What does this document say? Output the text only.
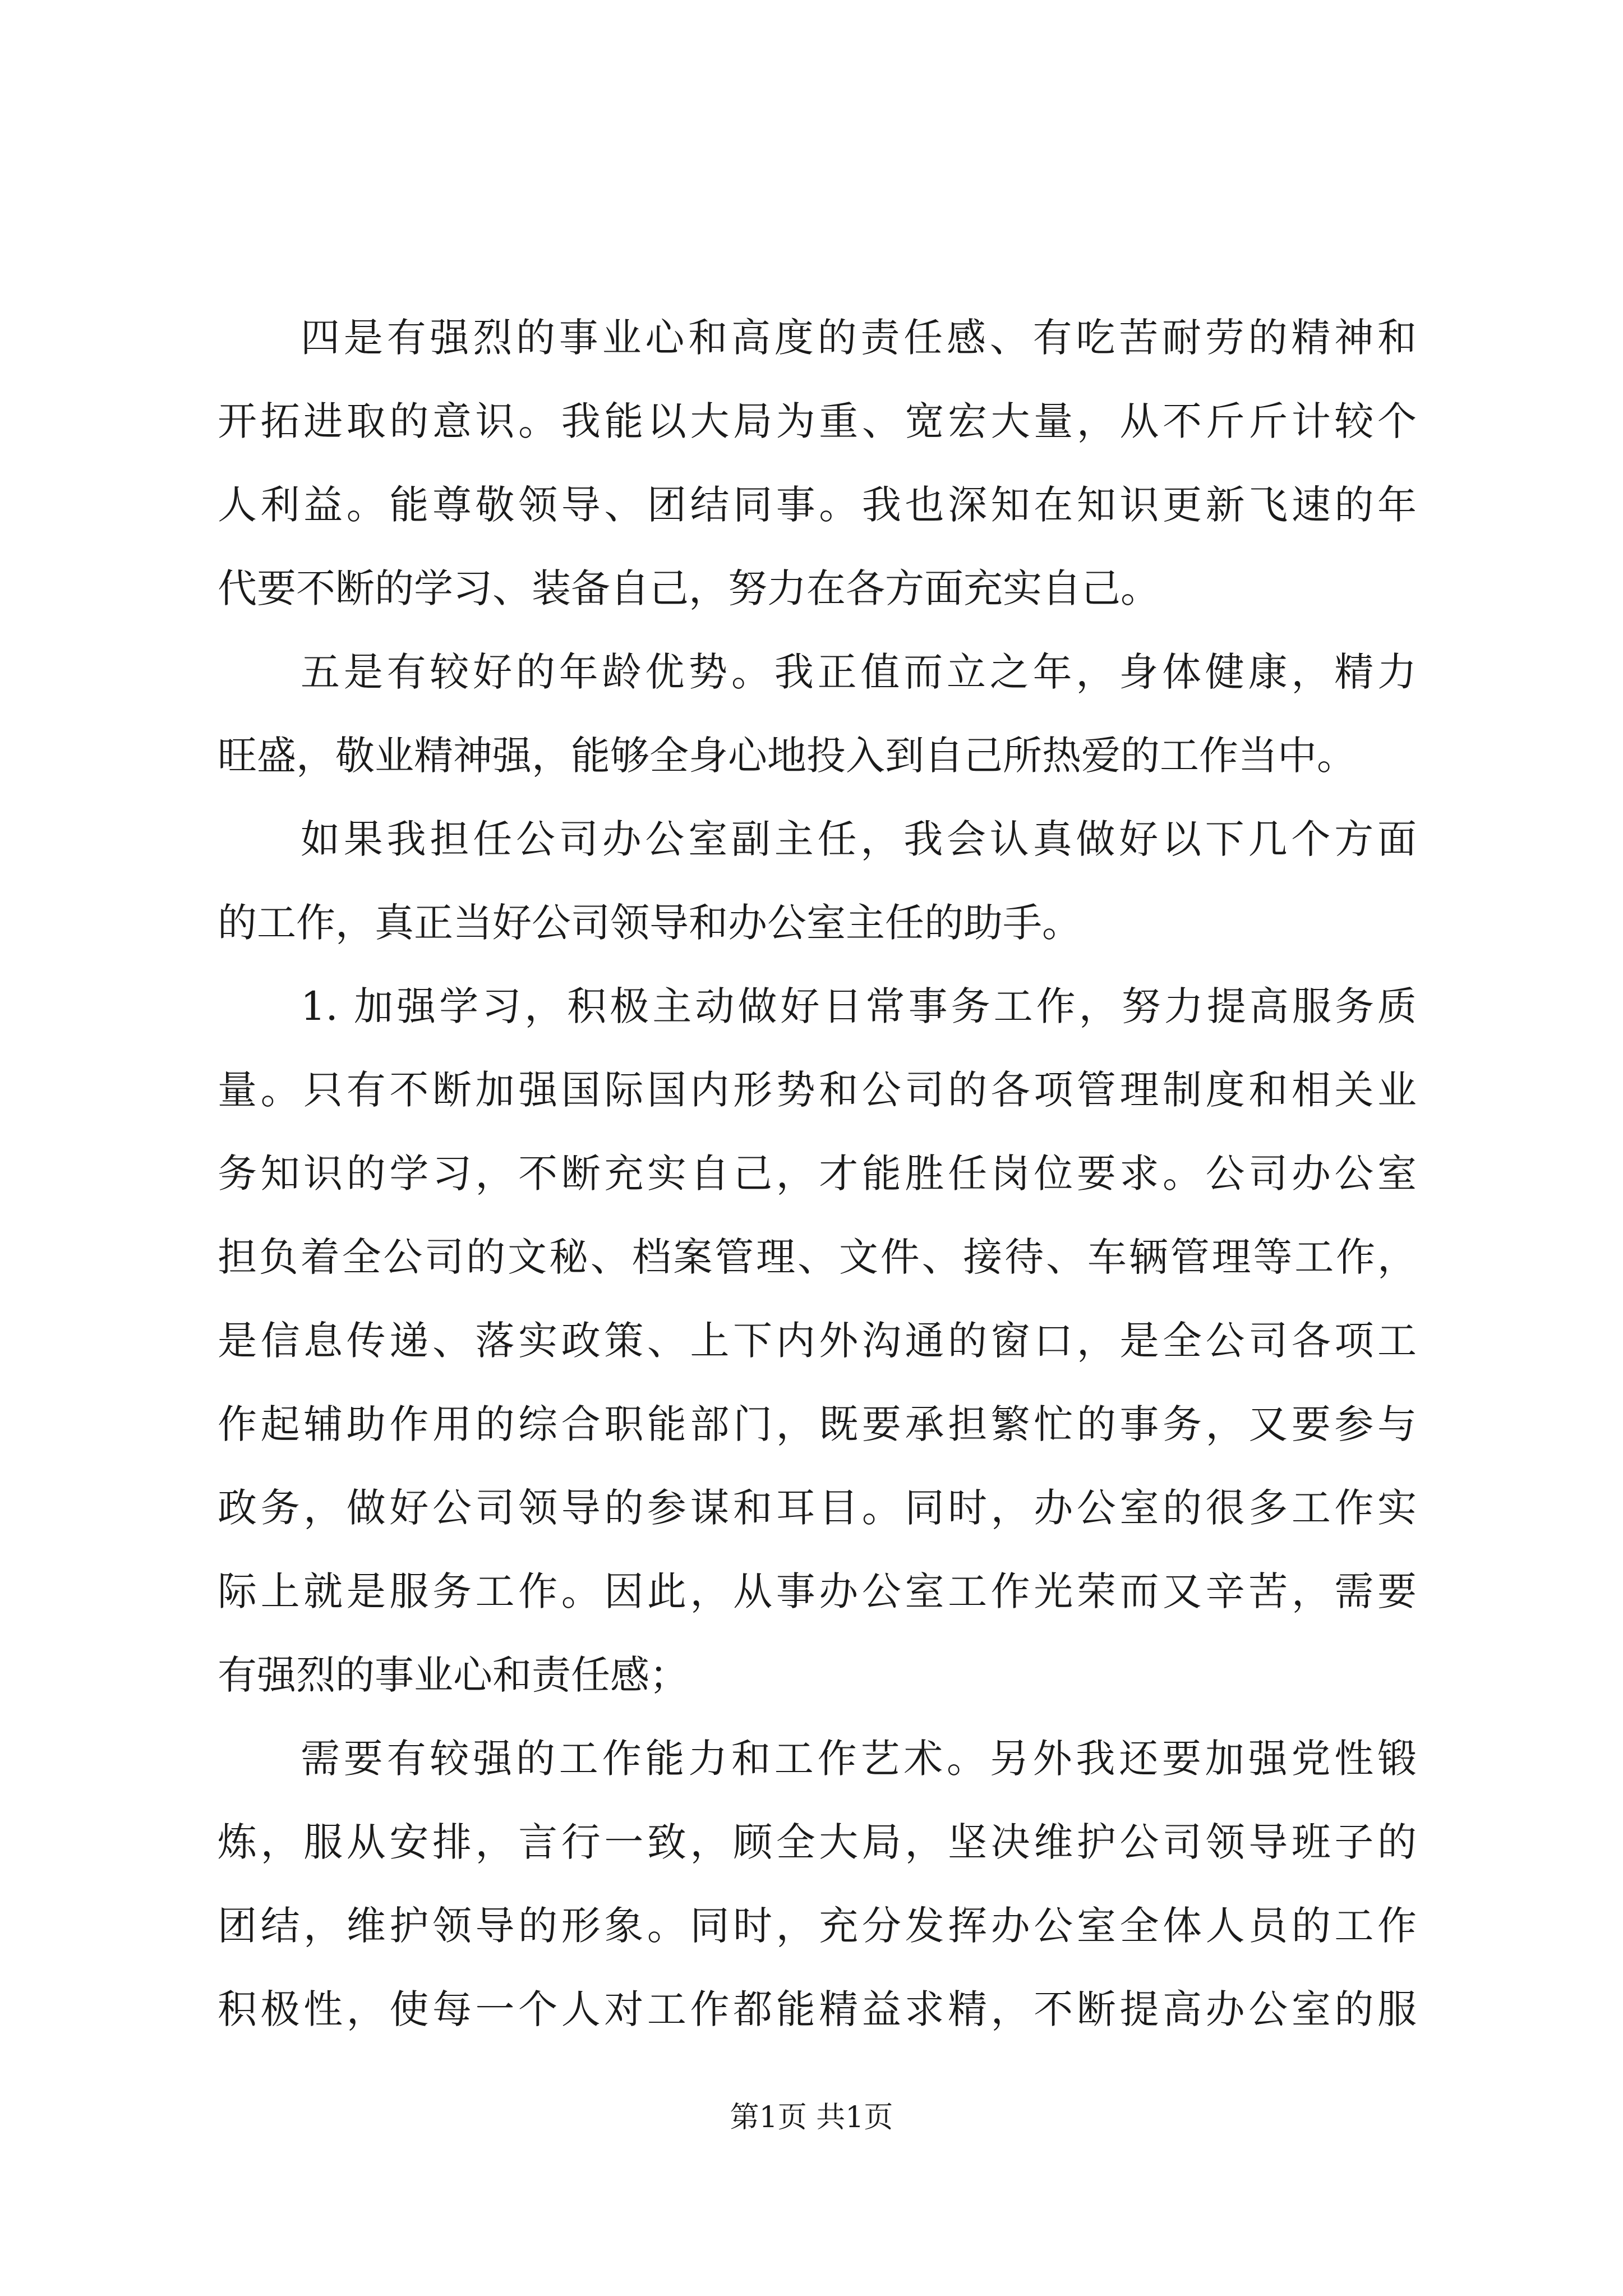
四是有强烈的事业心和高度的责任感、有吃苦耐劳的精神和
开拓进取的意识。我能以大局为重、宽宏大量，从不斤斤计较个
人利益。能尊敬领导、团结同事。我也深知在知识更新飞速的年
代要不断的学习、装备自己，努力在各方面充实自己。
五是有较好的年龄优势。我正值而立之年，身体健康，精力
旺盛，敬业精神强，能够全身心地投入到自己所热爱的工作当中。
如果我担任公司办公室副主任，我会认真做好以下几个方面
的工作，真正当好公司领导和办公室主任的助手。
1. 加强学习，积极主动做好日常事务工作，努力提高服务质
量。只有不断加强国际国内形势和公司的各项管理制度和相关业
务知识的学习，不断充实自己，才能胜任岗位要求。公司办公室
担负着全公司的文秘、档案管理、文件、接待、车辆管理等工作，
是信息传递、落实政策、上下内外沟通的窗口，是全公司各项工
作起辅助作用的综合职能部门，既要承担繁忙的事务，又要参与
政务，做好公司领导的参谋和耳目。同时，办公室的很多工作实
际上就是服务工作。因此，从事办公室工作光荣而又辛苦，需要
有强烈的事业心和责任感；
需要有较强的工作能力和工作艺术。另外我还要加强党性锻
炼，服从安排，言行一致，顾全大局，坚决维护公司领导班子的
团结，维护领导的形象。同时，充分发挥办公室全体人员的工作
积极性，使每一个人对工作都能精益求精，不断提高办公室的服
第1页 共1页
